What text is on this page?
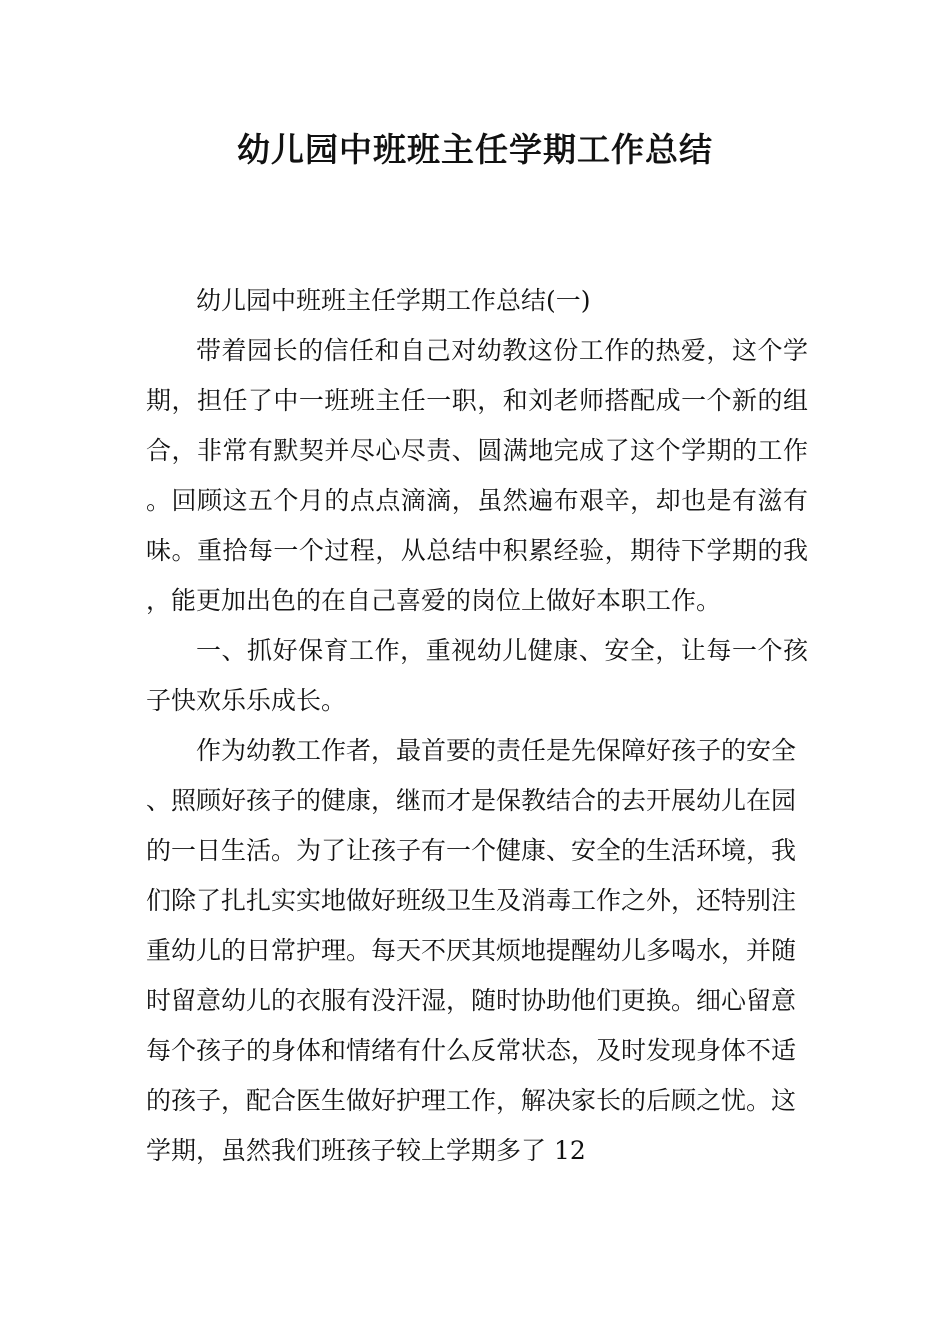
幼儿园中班班主任学期工作总结

幼儿园中班班主任学期工作总结(一)

带着园长的信任和自己对幼教这份工作的热爱，这个学期，担任了中一班班主任一职，和刘老师搭配成一个新的组合，非常有默契并尽心尽责、圆满地完成了这个学期的工作。回顾这五个月的点点滴滴，虽然遍布艰辛，却也是有滋有味。重拾每一个过程，从总结中积累经验，期待下学期的我，能更加出色的在自己喜爱的岗位上做好本职工作。

一、抓好保育工作，重视幼儿健康、安全，让每一个孩子快欢乐乐成长。

作为幼教工作者，最首要的责任是先保障好孩子的安全、照顾好孩子的健康，继而才是保教结合的去开展幼儿在园的一日生活。为了让孩子有一个健康、安全的生活环境，我们除了扎扎实实地做好班级卫生及消毒工作之外，还特别注重幼儿的日常护理。每天不厌其烦地提醒幼儿多喝水，并随时留意幼儿的衣服有没汗湿，随时协助他们更换。细心留意每个孩子的身体和情绪有什么反常状态，及时发现身体不适的孩子，配合医生做好护理工作，解决家长的后顾之忧。这学期，虽然我们班孩子较上学期多了 12
